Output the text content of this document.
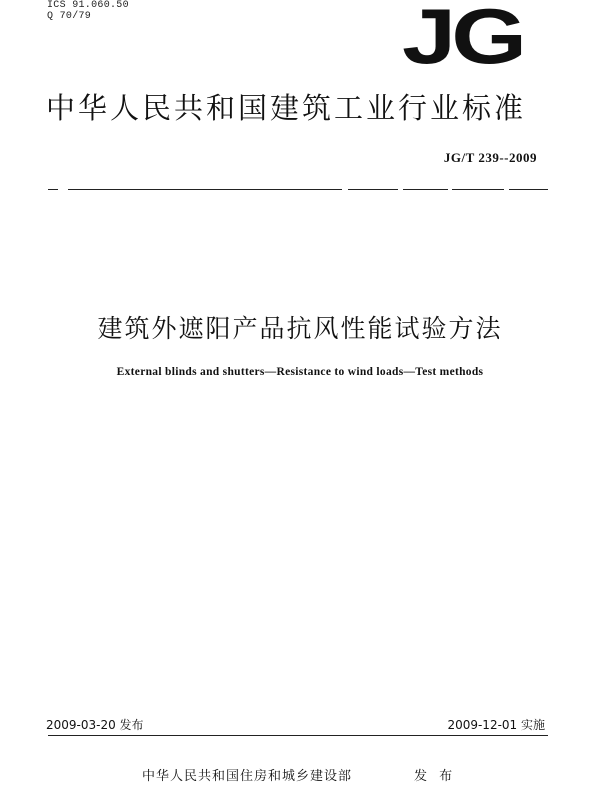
ICS 91.060.50
Q 70/79	JG
中华人民共和国建筑工业行业标准
JG/T 239--2009
建筑外遮阳产品抗风性能试验方法
External blinds and shutters—Resistance to wind loads—Test methods
2009-03-20 发布	2009-12-01 实施
中华人民共和国住房和城乡建设部	发 布
